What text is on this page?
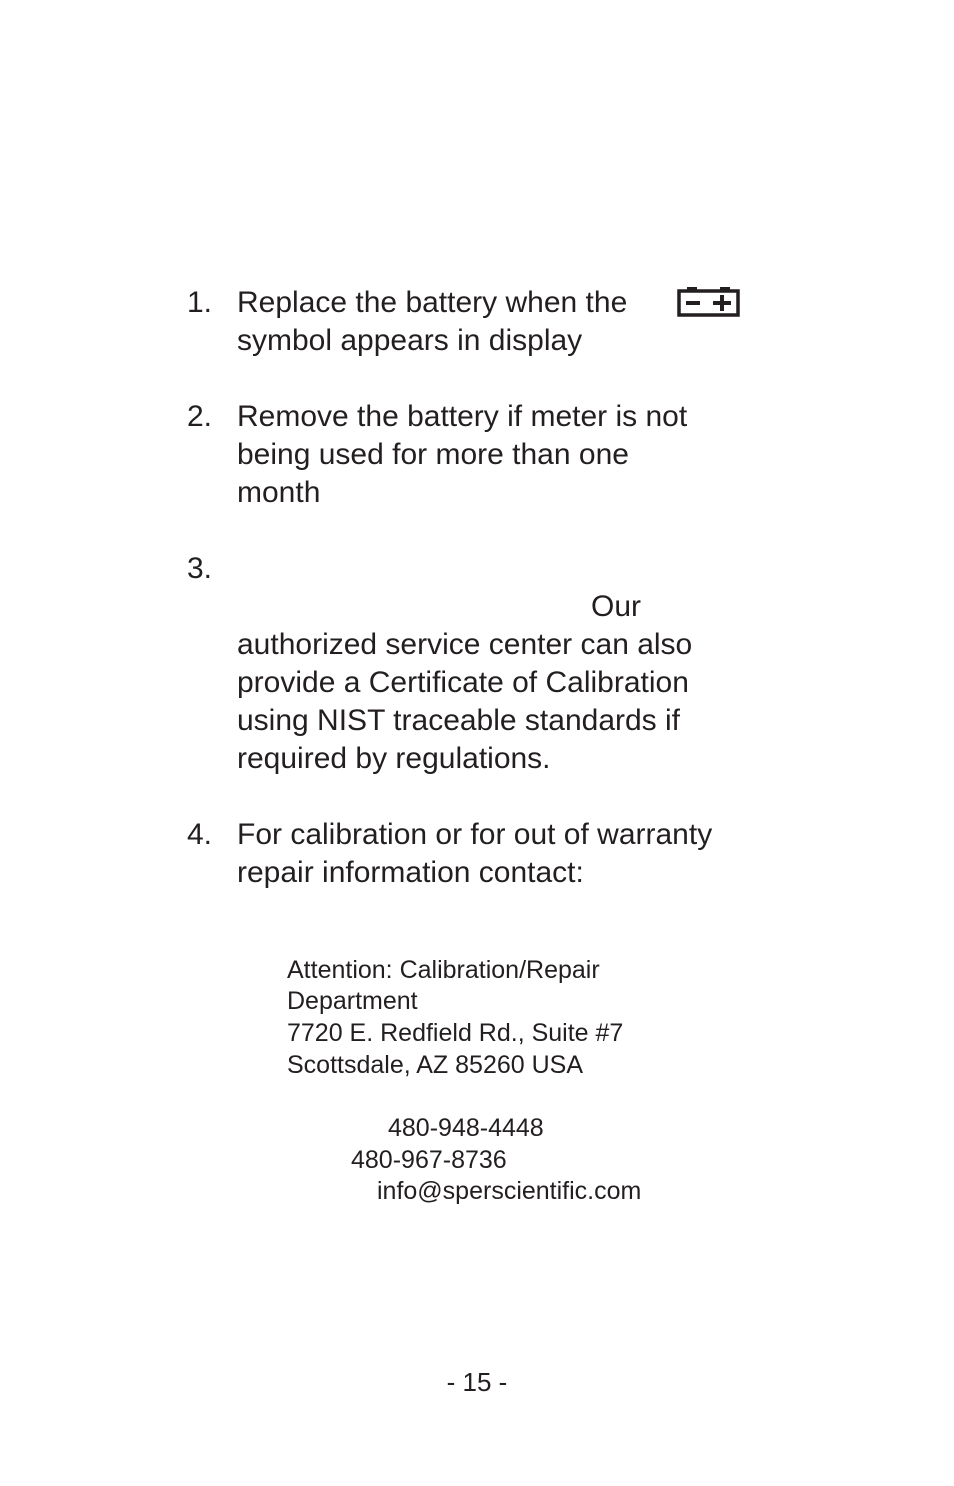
1. Replace the battery when the
symbol appears in display
2. Remove the battery if meter is not
being used for more than one
month
3.
Our
authorized service center can also
provide a Certificate of Calibration
using NIST traceable standards if
required by regulations.
4. For calibration or for out of warranty
repair information contact:
Attention: Calibration/Repair
Department
7720 E. Redfield Rd., Suite #7
Scottsdale, AZ 85260 USA
480-948-4448
480-967-8736
info@sperscientific.com
- 15 -
